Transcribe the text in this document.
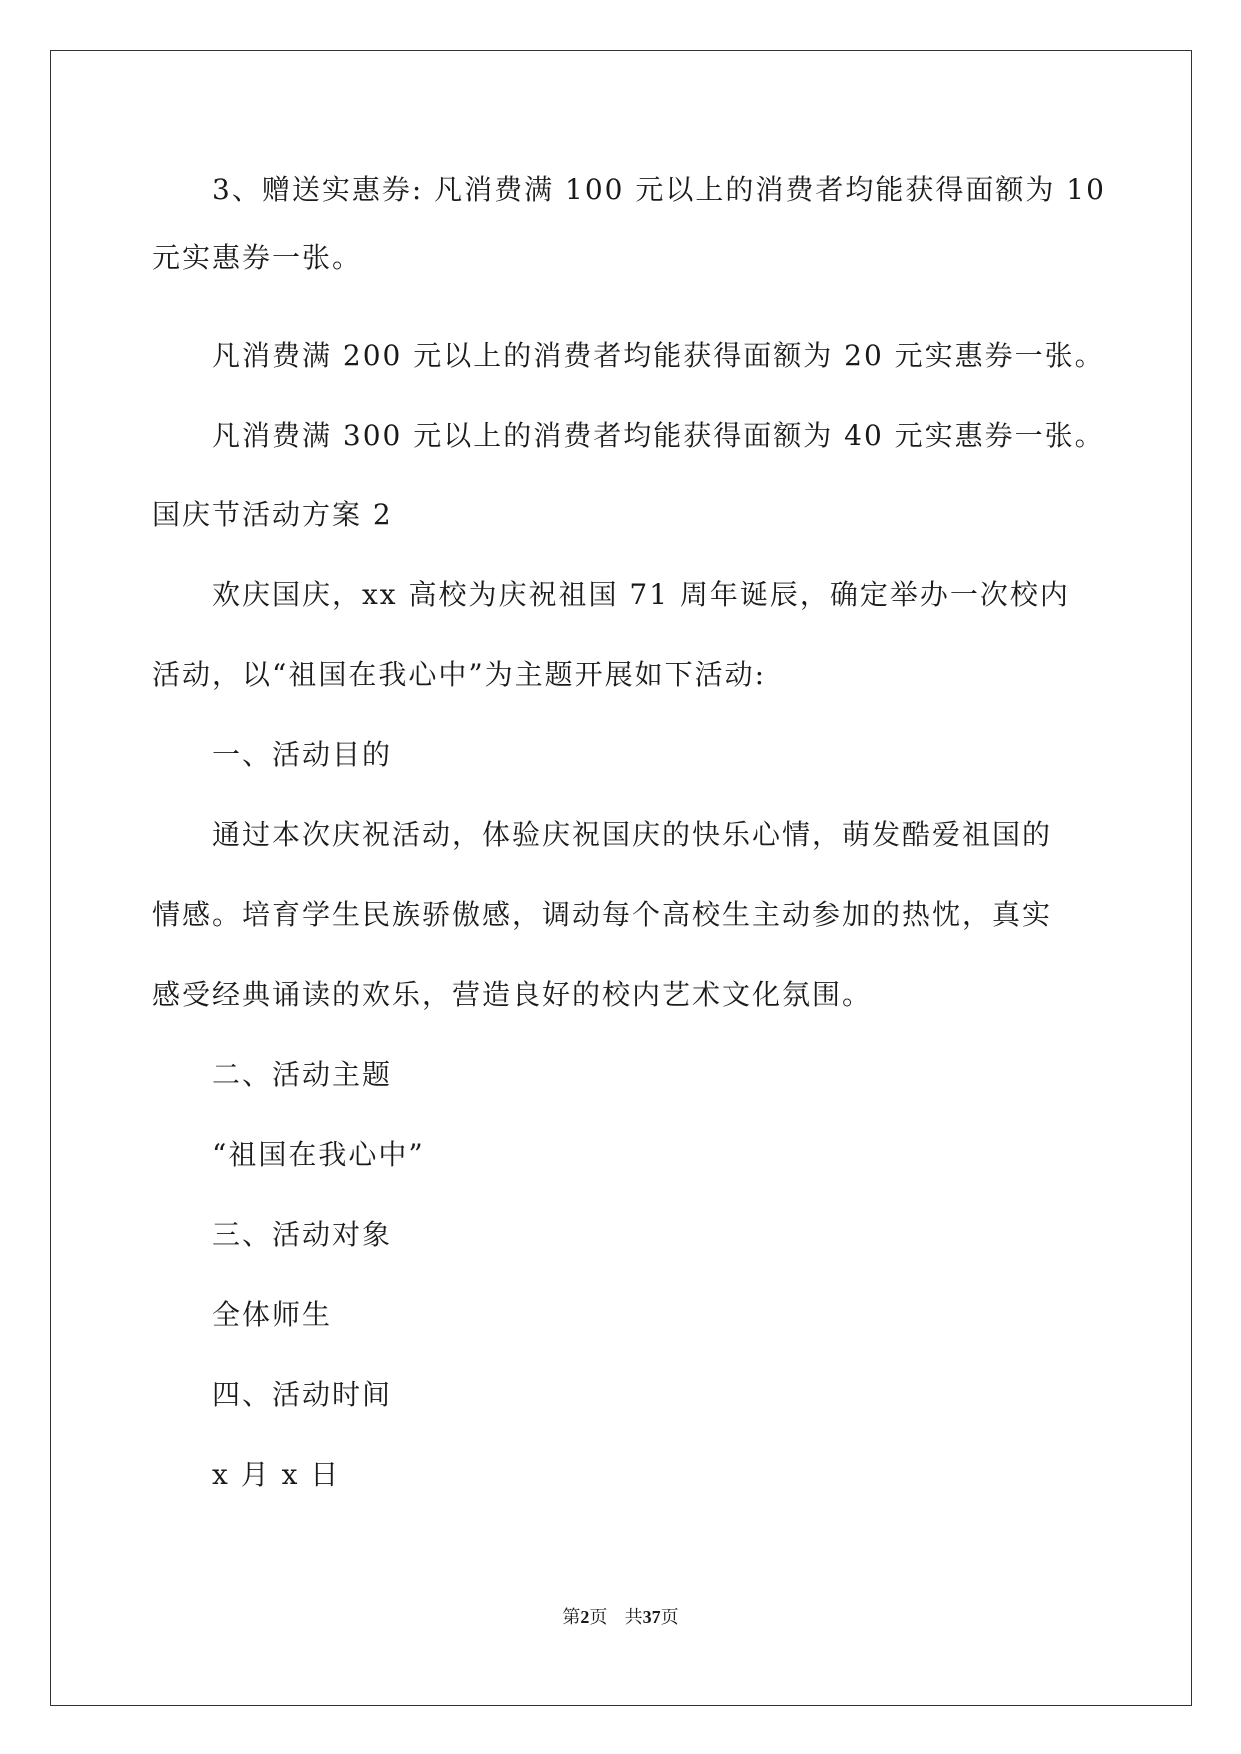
3、赠送实惠券: 凡消费满 100 元以上的消费者均能获得面额为 10

元实惠券一张。

凡消费满 200 元以上的消费者均能获得面额为 20 元实惠券一张。

凡消费满 300 元以上的消费者均能获得面额为 40 元实惠券一张。

国庆节活动方案 2

欢庆国庆，xx 高校为庆祝祖国 71 周年诞辰，确定举办一次校内

活动，以“祖国在我心中”为主题开展如下活动:

一、活动目的

通过本次庆祝活动，体验庆祝国庆的快乐心情，萌发酷爱祖国的

情感。培育学生民族骄傲感，调动每个高校生主动参加的热忱，真实

感受经典诵读的欢乐，营造良好的校内艺术文化氛围。

二、活动主题

“祖国在我心中”

三、活动对象

全体师生

四、活动时间

x 月 x 日

第2页 共37页
